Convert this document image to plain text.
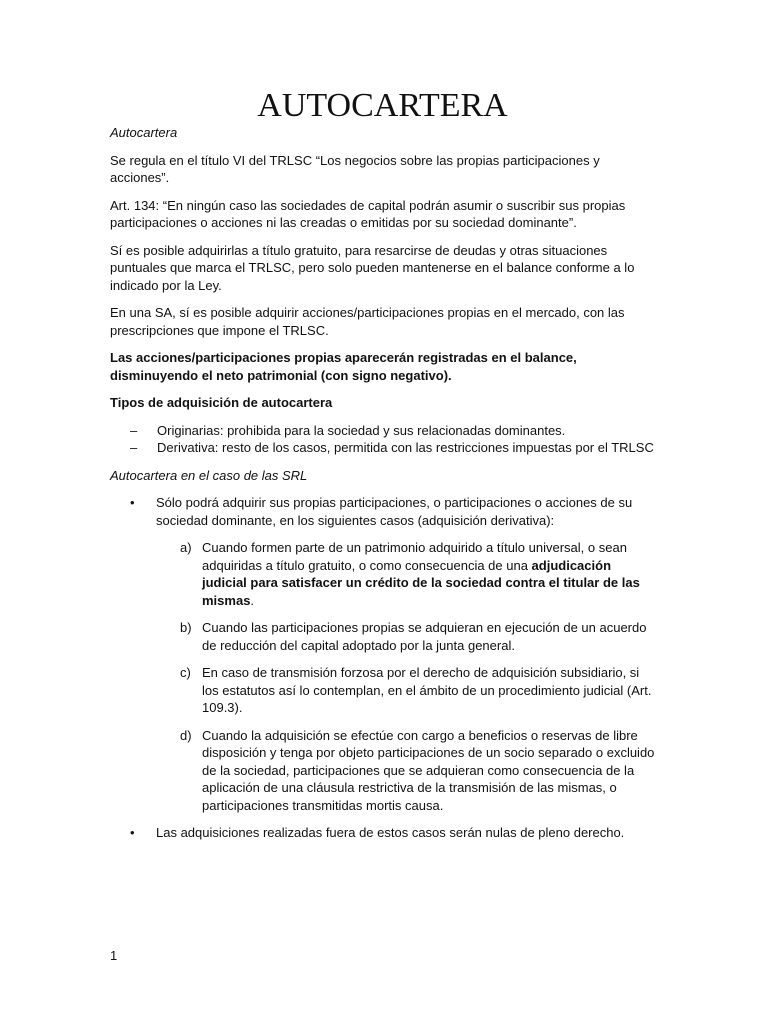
AUTOCARTERA

Autocartera

Se regula en el título VI del TRLSC “Los negocios sobre las propias participaciones y acciones”.

Art. 134: “En ningún caso las sociedades de capital podrán asumir o suscribir sus propias participaciones o acciones ni las creadas o emitidas por su sociedad dominante”.

Sí es posible adquirirlas a título gratuito, para resarcirse de deudas y otras situaciones puntuales que marca el TRLSC, pero solo pueden mantenerse en el balance conforme a lo indicado por la Ley.

En una SA, sí es posible adquirir acciones/participaciones propias en el mercado, con las prescripciones que impone el TRLSC.

Las acciones/participaciones propias aparecerán registradas en el balance, disminuyendo el neto patrimonial (con signo negativo).

Tipos de adquisición de autocartera

– Originarias: prohibida para la sociedad y sus relacionadas dominantes.
– Derivativa: resto de los casos, permitida con las restricciones impuestas por el TRLSC

Autocartera en el caso de las SRL

• Sólo podrá adquirir sus propias participaciones, o participaciones o acciones de su sociedad dominante, en los siguientes casos (adquisición derivativa):
a) Cuando formen parte de un patrimonio adquirido a título universal, o sean adquiridas a título gratuito, o como consecuencia de una adjudicación judicial para satisfacer un crédito de la sociedad contra el titular de las mismas.
b) Cuando las participaciones propias se adquieran en ejecución de un acuerdo de reducción del capital adoptado por la junta general.
c) En caso de transmisión forzosa por el derecho de adquisición subsidiario, si los estatutos así lo contemplan, en el ámbito de un procedimiento judicial (Art. 109.3).
d) Cuando la adquisición se efectúe con cargo a beneficios o reservas de libre disposición y tenga por objeto participaciones de un socio separado o excluido de la sociedad, participaciones que se adquieran como consecuencia de la aplicación de una cláusula restrictiva de la transmisión de las mismas, o participaciones transmitidas mortis causa.
• Las adquisiciones realizadas fuera de estos casos serán nulas de pleno derecho.
1
